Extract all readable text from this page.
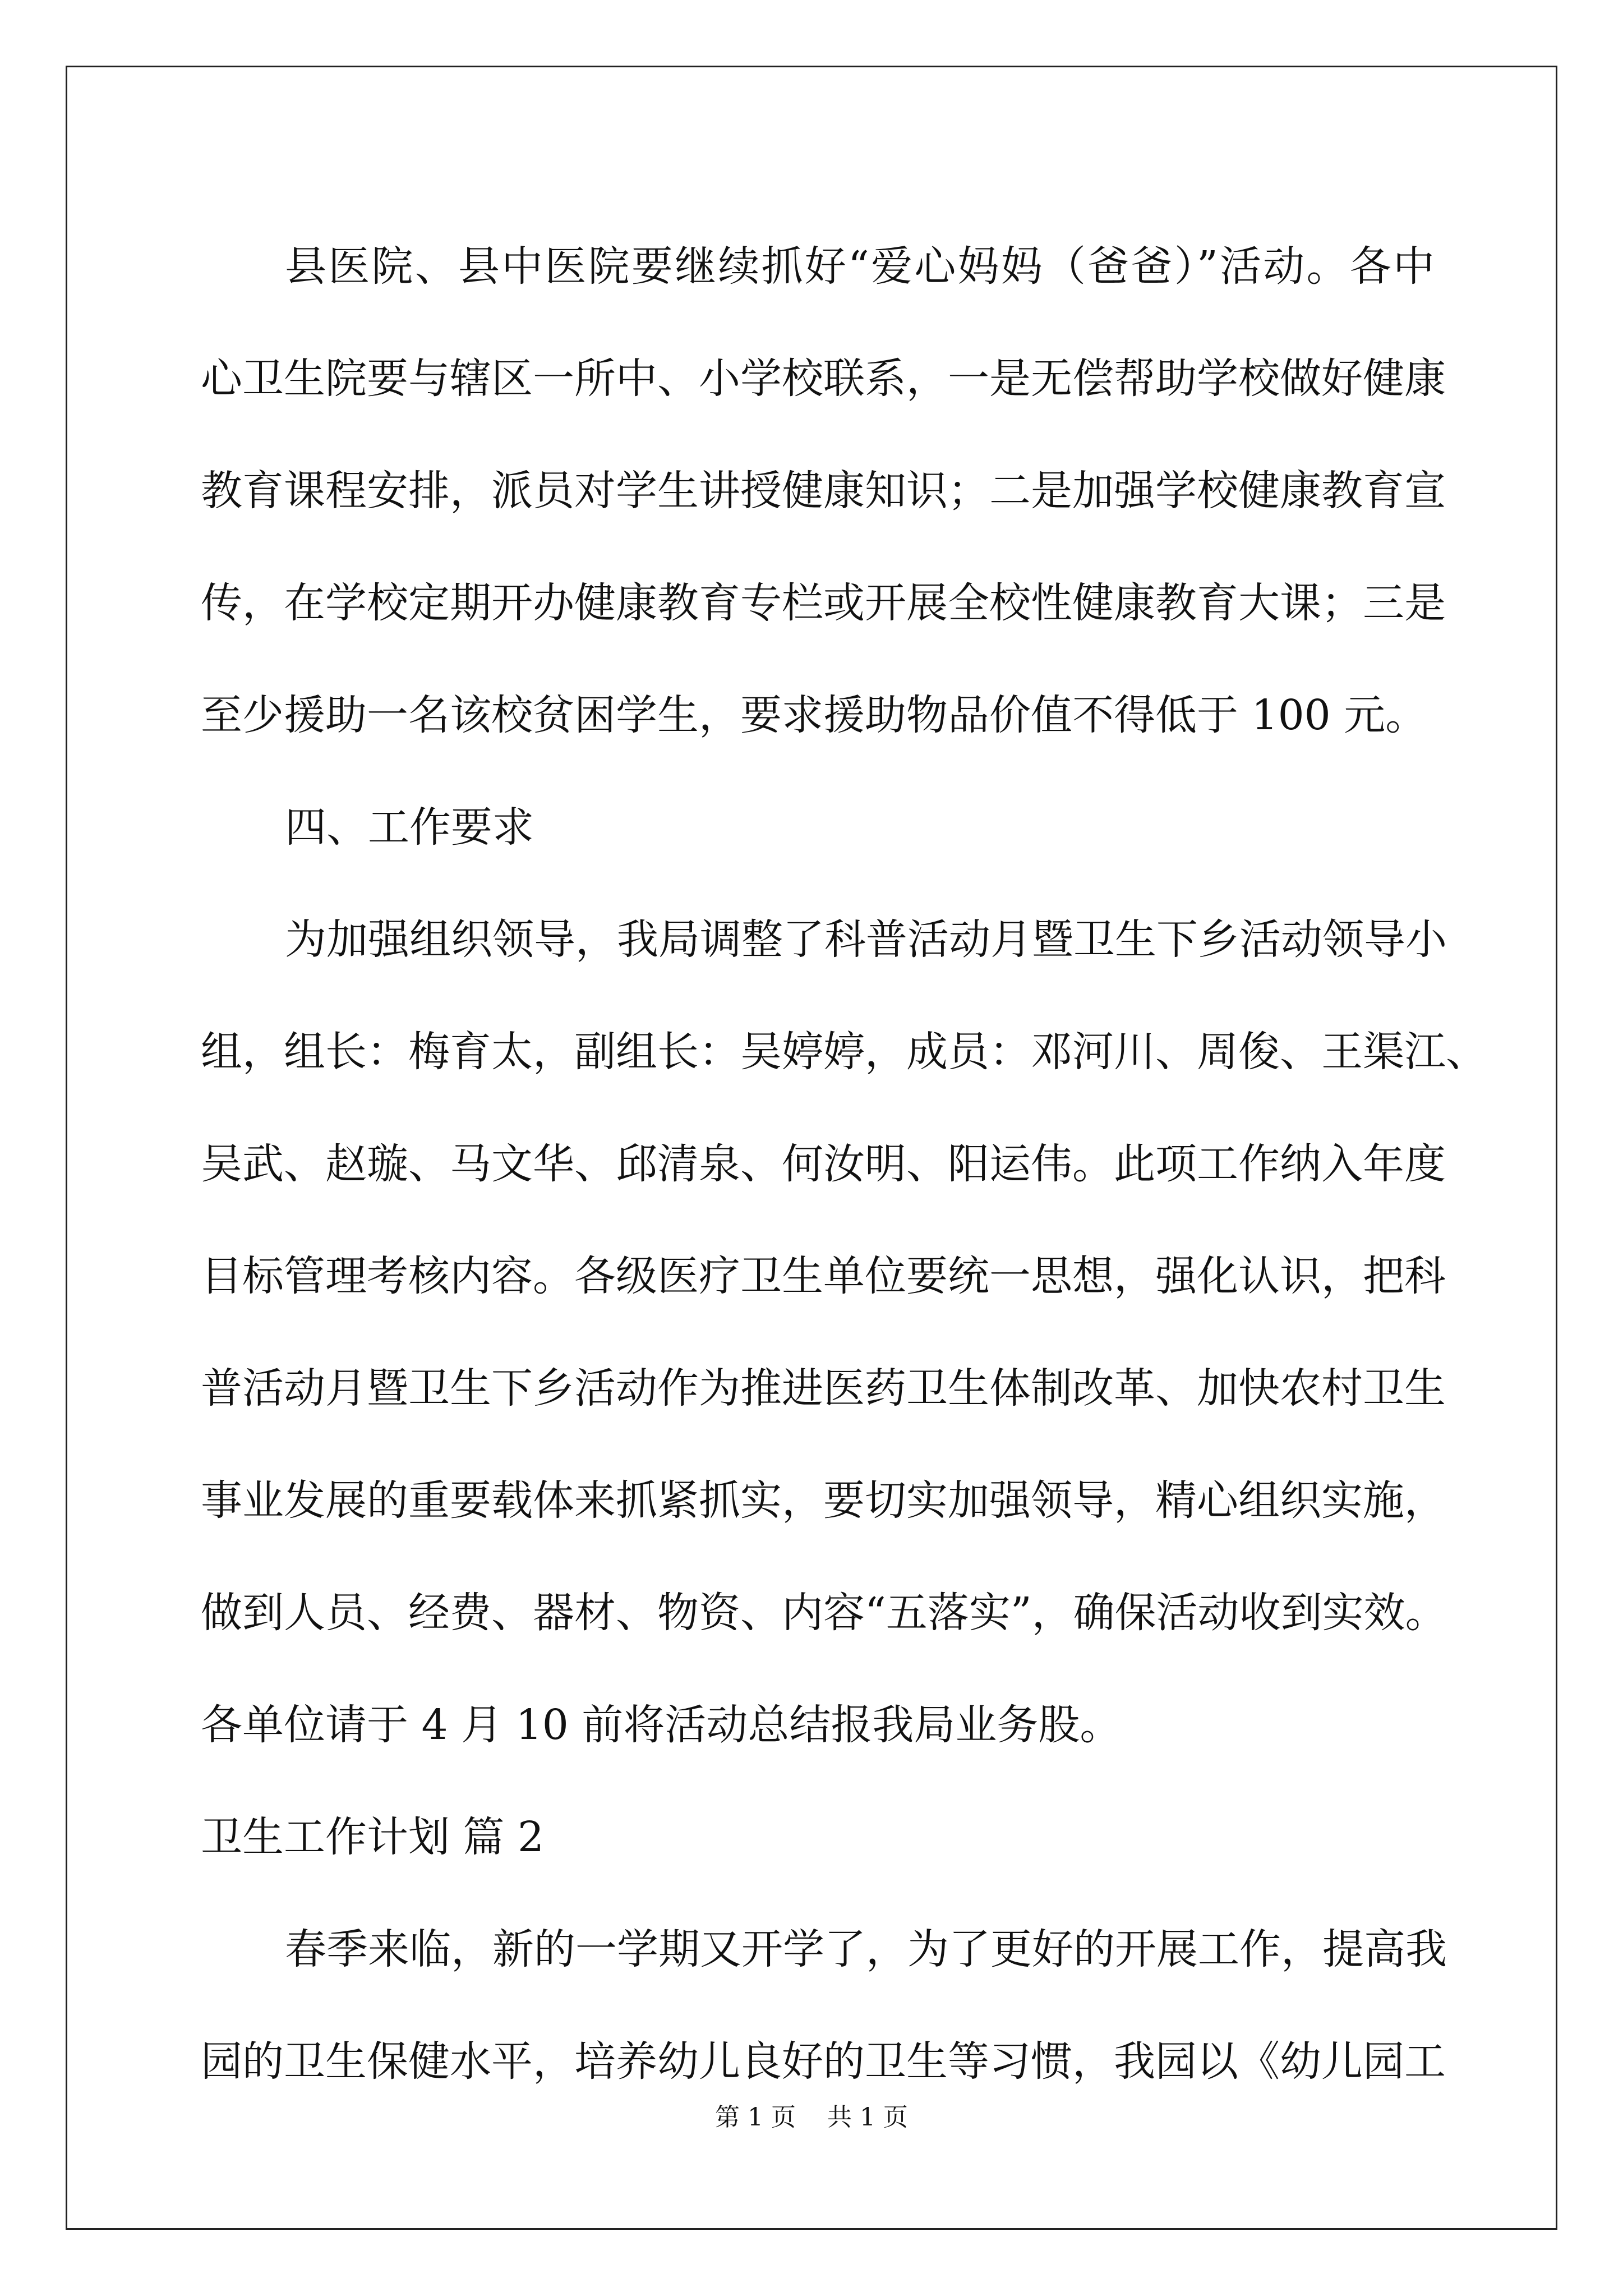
县医院、县中医院要继续抓好“爱心妈妈（爸爸）”活动。各中
心卫生院要与辖区一所中、小学校联系，一是无偿帮助学校做好健康
教育课程安排，派员对学生讲授健康知识；二是加强学校健康教育宣
传，在学校定期开办健康教育专栏或开展全校性健康教育大课；三是
至少援助一名该校贫困学生，要求援助物品价值不得低于 100 元。
四、工作要求
为加强组织领导，我局调整了科普活动月暨卫生下乡活动领导小
组，组长：梅育太，副组长：吴婷婷，成员：邓河川、周俊、王渠江、
吴武、赵璇、马文华、邱清泉、何汝明、阳运伟。此项工作纳入年度
目标管理考核内容。各级医疗卫生单位要统一思想，强化认识，把科
普活动月暨卫生下乡活动作为推进医药卫生体制改革、加快农村卫生
事业发展的重要载体来抓紧抓实，要切实加强领导，精心组织实施，
做到人员、经费、器材、物资、内容“五落实”，确保活动收到实效。
各单位请于 4 月 10 前将活动总结报我局业务股。
卫生工作计划 篇 2
春季来临，新的一学期又开学了，为了更好的开展工作，提高我
园的卫生保健水平，培养幼儿良好的卫生等习惯，我园以《幼儿园工
第 1 页    共 1 页
